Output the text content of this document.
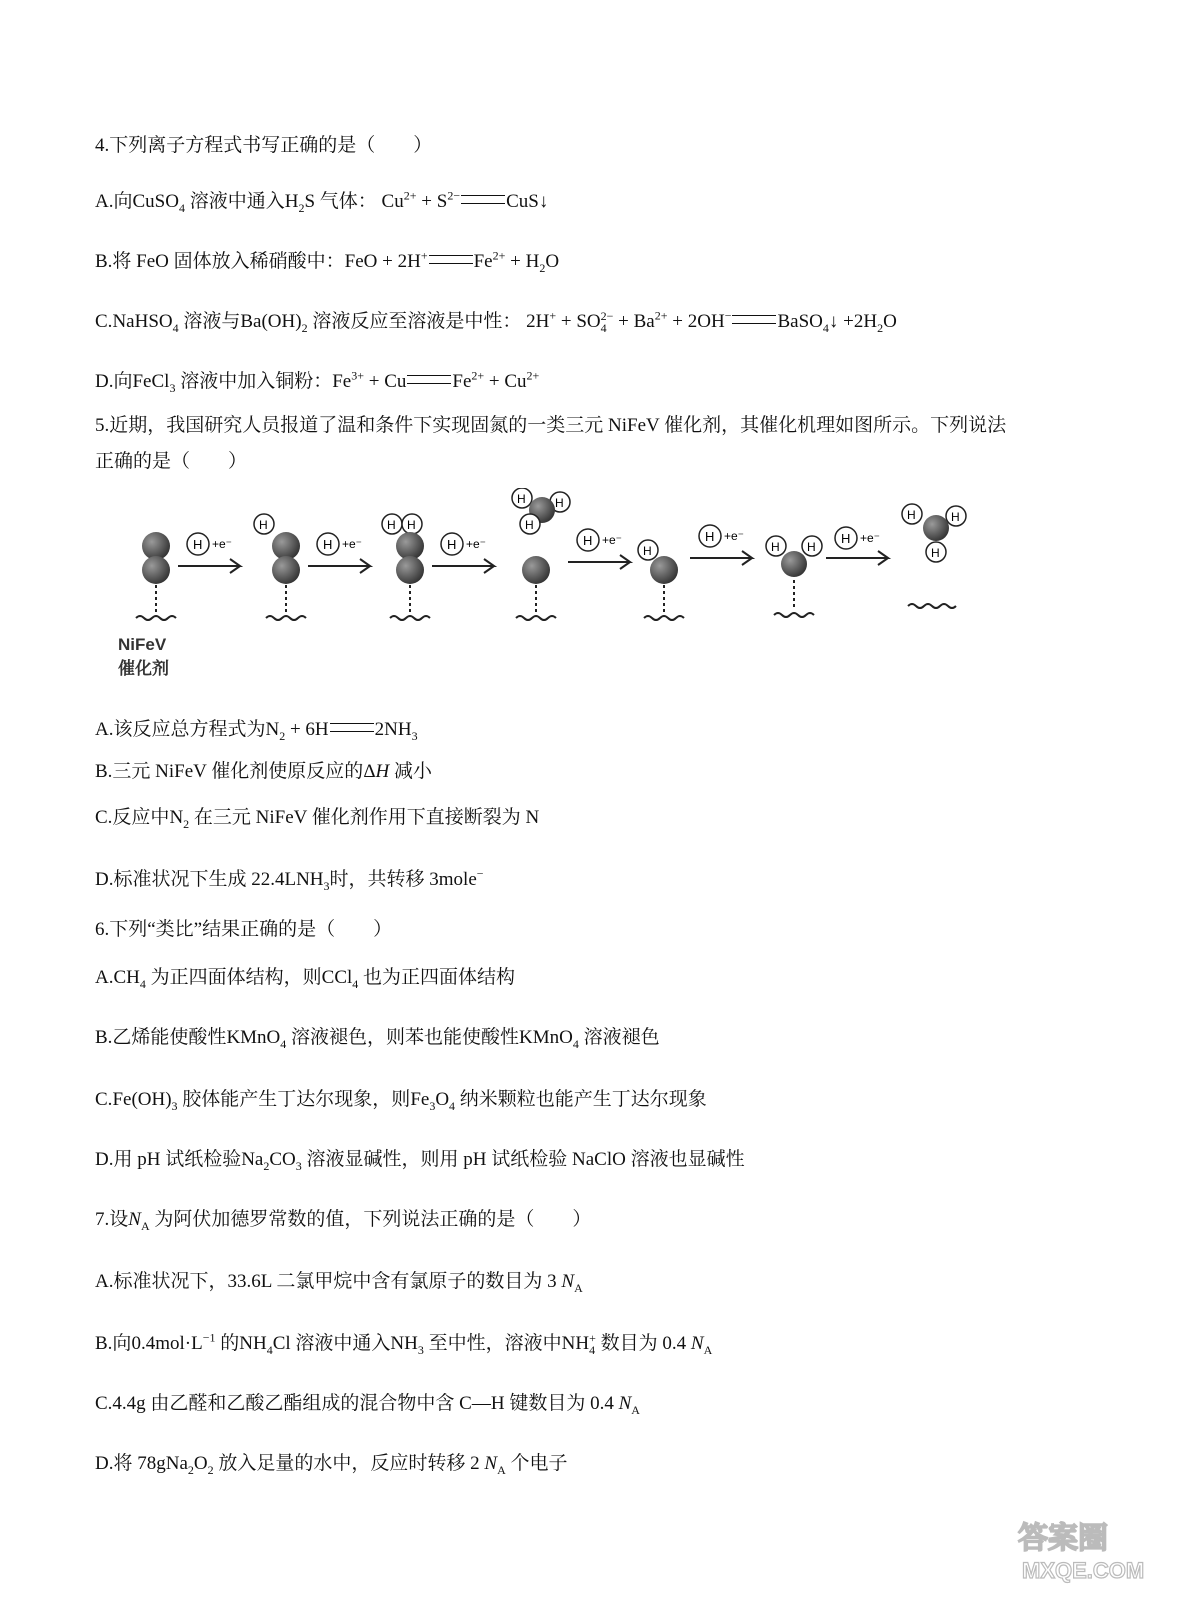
4.下列离子方程式书写正确的是（　　）
A.向CuSO$_4$ 溶液中通入$H_2S$ 气体： $Cu^{2+} + S^{2-}$ CuS↓
B.将 FeO 固体放入稀硝酸中：FeO + 2H+ $Fe^{2+} + H_2O$
C.NaHSO$_4$ 溶液与$Ba(OH)_2$ 溶液反应至溶液是中性： $2H^+ + SO_4^{2-} + Ba^{2+} + 2OH^-$ BaSO$_4$↓ $+2H_2O$
D.向FeCl$_3$ 溶液中加入铜粉：$Fe^{3+} + Cu$ $Fe^{2+} + Cu^{2+}$
5.近期，我国研究人员报道了温和条件下实现固氮的一类三元 NiFeV 催化剂，其催化机理如图所示。下列说法
正确的是（　　）
H +e⁻
H
H +e⁻
H H
H +e⁻
H H
H
H +e⁻
H
H +e⁻
H H
H +e⁻
H	H
H
NiFeV
催化剂
A.该反应总方程式为$N_2 + 6H$ $2NH_3$
B.三元 NiFeV 催化剂使原反应的ΔH 减小
C.反应中$N_2$ 在三元 NiFeV 催化剂作用下直接断裂为 N
D.标准状况下生成 $22.4LNH_3$时，共转移 3mole−
6.下列“类比”结果正确的是（　　）
$A.CH_4$ 为正四面体结构，则CCl$_4$ 也为正四面体结构
B.乙烯能使酸性KMnO$_4$ 溶液褪色，则苯也能使酸性KMnO$_4$ 溶液褪色
$C.Fe(OH)_3$ 胶体能产生丁达尔现象，则$Fe_3O_4$ 纳米颗粒也能产生丁达尔现象
D.用 pH 试纸检验$Na_2CO_3$ 溶液显碱性，则用 pH 试纸检验 NaClO 溶液也显碱性
7.设$N_A$ 为阿伏加德罗常数的值，下列说法正确的是（　　）
A.标准状况下，33.6L 二氯甲烷中含有氯原子的数目为 3 $N_A$
B.向$0.4mol\cdot L^{-1}$ 的$NH_4Cl$ 溶液中通入$NH_3$ 至中性，溶液中$NH_4^+$ 数目为 0.4 $N_A$
C.4.4g 由乙醛和乙酸乙酯组成的混合物中含 C—H 键数目为 0.4 $N_A$
D.将 $78gNa_2O_2$ 放入足量的水中，反应时转移 2 $N_A$ 个电子
答案圈
MXQE.COM
